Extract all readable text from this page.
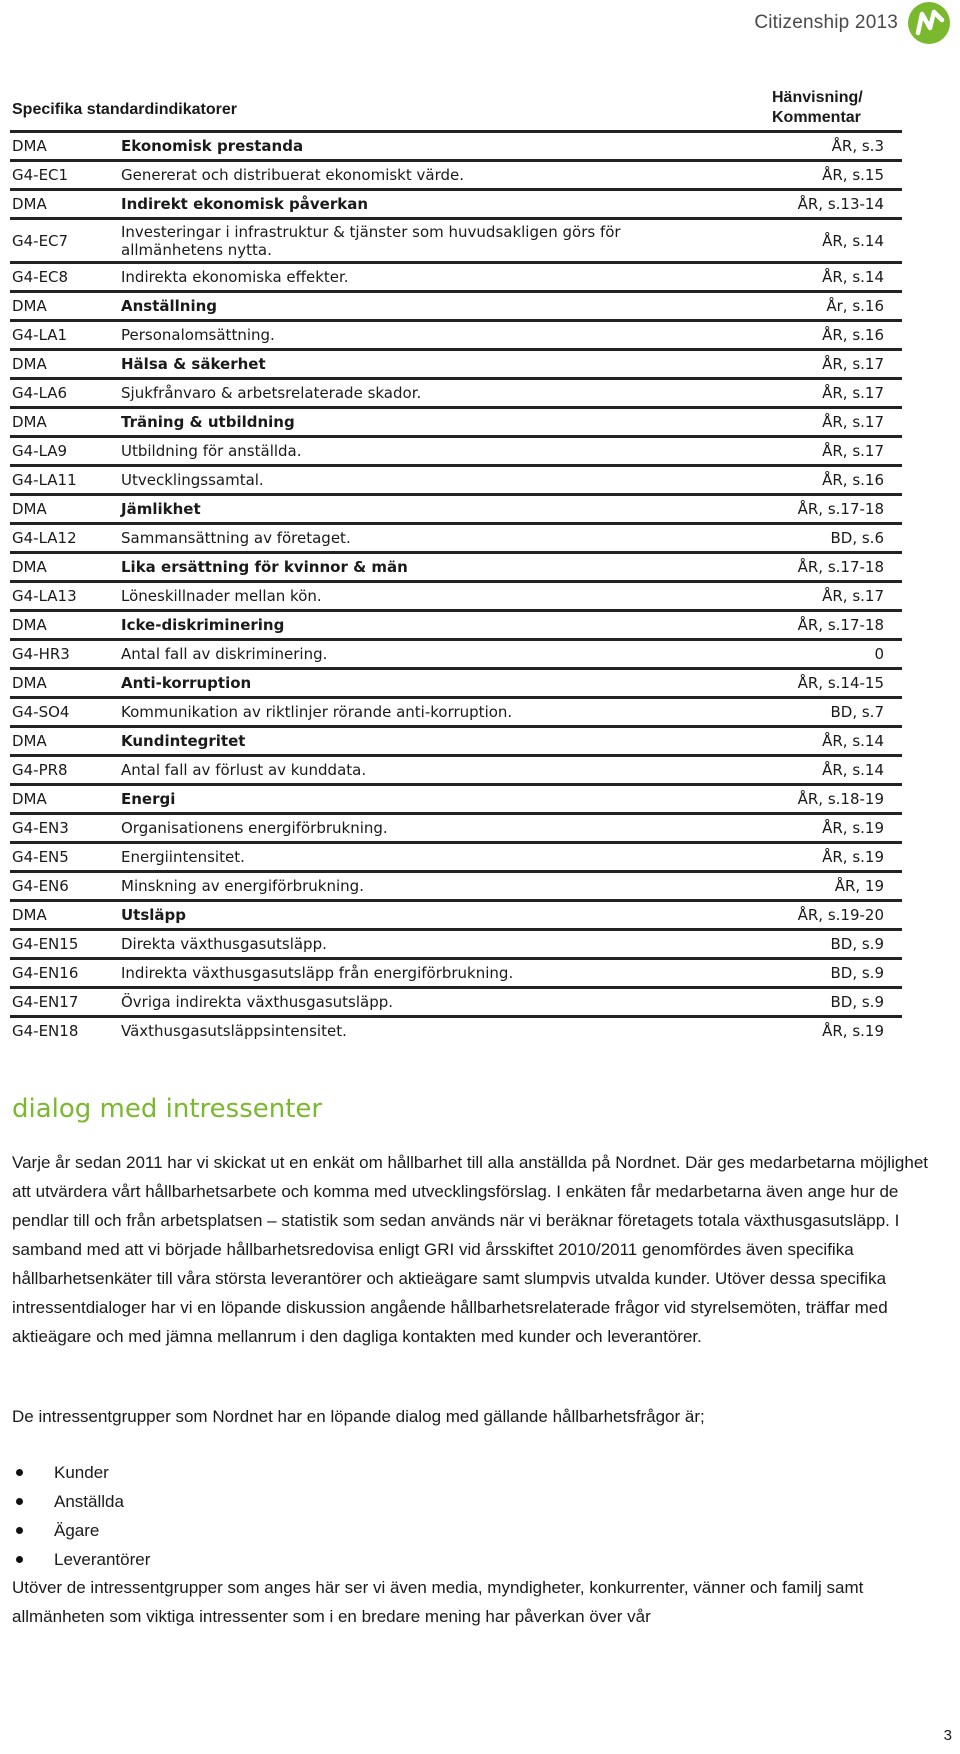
Citizenship 2013
Specifika standardindikatorer
Hänvisning/ Kommentar
DMA	Ekonomisk prestanda	ÅR, s.3
G4-EC1	Genererat och distribuerat ekonomiskt värde.	ÅR, s.15
DMA	Indirekt ekonomisk påverkan	ÅR, s.13-14
G4-EC7	Investeringar i infrastruktur & tjänster som huvudsakligen görs för allmänhetens nytta.	ÅR, s.14
G4-EC8	Indirekta ekonomiska effekter.	ÅR, s.14
DMA	Anställning	År, s.16
G4-LA1	Personalomsättning.	ÅR, s.16
DMA	Hälsa & säkerhet	ÅR, s.17
G4-LA6	Sjukfrånvaro & arbetsrelaterade skador.	ÅR, s.17
DMA	Träning & utbildning	ÅR, s.17
G4-LA9	Utbildning för anställda.	ÅR, s.17
G4-LA11	Utvecklingssamtal.	ÅR, s.16
DMA	Jämlikhet	ÅR, s.17-18
G4-LA12	Sammansättning av företaget.	BD, s.6
DMA	Lika ersättning för kvinnor & män	ÅR, s.17-18
G4-LA13	Löneskillnader mellan kön.	ÅR, s.17
DMA	Icke-diskriminering	ÅR, s.17-18
G4-HR3	Antal fall av diskriminering.	0
DMA	Anti-korruption	ÅR, s.14-15
G4-SO4	Kommunikation av riktlinjer rörande anti-korruption.	BD, s.7
DMA	Kundintegritet	ÅR, s.14
G4-PR8	Antal fall av förlust av kunddata.	ÅR, s.14
DMA	Energi	ÅR, s.18-19
G4-EN3	Organisationens energiförbrukning.	ÅR, s.19
G4-EN5	Energiintensitet.	ÅR, s.19
G4-EN6	Minskning av energiförbrukning.	ÅR, 19
DMA	Utsläpp	ÅR, s.19-20
G4-EN15	Direkta växthusgasutsläpp.	BD, s.9
G4-EN16	Indirekta växthusgasutsläpp från energiförbrukning.	BD, s.9
G4-EN17	Övriga indirekta växthusgasutsläpp.	BD, s.9
G4-EN18	Växthusgasutsläppsintensitet.	ÅR, s.19
dialog med intressenter

Varje år sedan 2011 har vi skickat ut en enkät om hållbarhet till alla anställda på Nordnet. Där ges medarbetarna möjlighet att utvärdera vårt hållbarhetsarbete och komma med utvecklingsförslag. I enkäten får medarbetarna även ange hur de pendlar till och från arbetsplatsen – statistik som sedan används när vi beräknar företagets totala växthusgasutsläpp. I samband med att vi började hållbarhetsredovisa enligt GRI vid årsskiftet 2010/2011 genomfördes även specifika hållbarhetsenkäter till våra största leverantörer och aktieägare samt slumpvis utvalda kunder. Utöver dessa specifika intressentdialoger har vi en löpande diskussion angående hållbarhetsrelaterade frågor vid styrelsemöten, träffar med aktieägare och med jämna mellanrum i den dagliga kontakten med kunder och leverantörer.

De intressentgrupper som Nordnet har en löpande dialog med gällande hållbarhetsfrågor är;

Kunder
Anställda
Ägare
Leverantörer

Utöver de intressentgrupper som anges här ser vi även media, myndigheter, konkurrenter, vänner och familj samt allmänheten som viktiga intressenter som i en bredare mening har påverkan över vår

3
